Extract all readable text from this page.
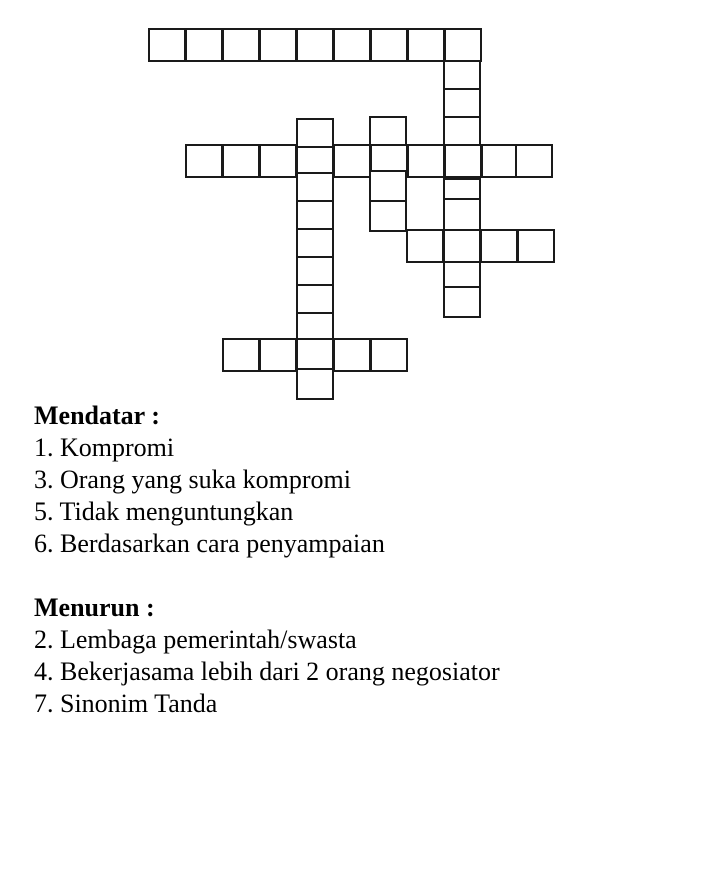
Mendatar :

1. Kompromi

3. Orang yang suka kompromi

5. Tidak menguntungkan

6. Berdasarkan cara penyampaian

Menurun :

2. Lembaga pemerintah/swasta

4. Bekerjasama lebih dari 2 orang negosiator

7. Sinonim Tanda
